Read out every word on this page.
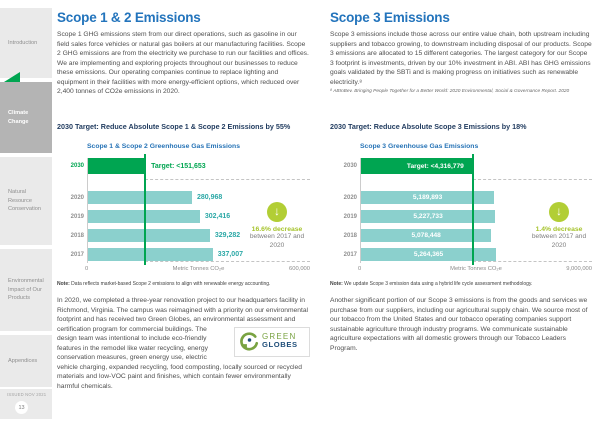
Introduction
Climate Change
Natural Resource Conservation
Environmental Impact of Our Products
Appendices
ISSUED NOV 2021
13
Scope 1 & 2 Emissions
Scope 1 GHG emissions stem from our direct operations, such as gasoline in our field sales force vehicles or natural gas boilers at our manufacturing facilities. Scope 2 GHG emissions are from the electricity we purchase to run our facilities and offices. We are implementing and exploring projects throughout our businesses to reduce these emissions. Our operating companies continue to replace lighting and equipment in their facilities with more energy-efficient options, which reduced over 2,400 tonnes of CO2e emissions in 2020.
2030 Target: Reduce Absolute Scope 1 & Scope 2 Emissions by 55%
Scope 1 & Scope 2 Greenhouse Gas Emissions
2030	Target: <151,653
2020	280,968
2019	302,416
2018	329,282
2017	337,007
↓
16.6% decrease
between 2017 and 2020
0	Metric Tonnes CO₂e	600,000
Note: Data reflects market-based Scope 2 emissions to align with renewable energy accounting.
In 2020, we completed a three-year renovation project to our headquarters facility in Richmond, Virginia. The campus was reimagined with a priority on our environmental footprint and has received two Green Globes, an environmental assessment and certification program for commercial buildings.
GREEN
GLOBES
The design team was intentional to include eco-friendly features in the remodel like water recycling, energy conservation measures, green energy use, electric vehicle charging, expanded recycling, food composting, locally sourced or recycled materials and low-VOC paint and finishes, which contain fewer environmentally harmful chemicals.
Scope 3 Emissions
Scope 3 emissions include those across our entire value chain, both upstream including suppliers and tobacco growing, to downstream including disposal of our products. Scope 3 emissions are allocated to 15 different categories. The largest category for our Scope 3 footprint is investments, driven by our 10% investment in ABI. ABI has GHG emissions goals validated by the SBTi and is making progress on initiatives such as renewable electricity.⁸
⁸ ABInBev. Bringing People Together for a Better World: 2020 Environmental, Social & Governance Report. 2020
2030 Target: Reduce Absolute Scope 3 Emissions by 18%
Scope 3 Greenhouse Gas Emissions
2030	Target: <4,316,779
2020	5,189,893
2019	5,227,733
2018	5,078,448
2017	5,264,365
↓
1.4% decrease
between 2017 and 2020
0	Metric Tonnes CO₂e	9,000,000
Note: We update Scope 3 emission data using a hybrid life cycle assessment methodology.
Another significant portion of our Scope 3 emissions is from the goods and services we purchase from our suppliers, including our agricultural supply chain. We source most of our tobacco from the United States and our tobacco operating companies support sustainable agriculture through industry programs. We communicate sustainable agriculture expectations with all domestic growers through our Tobacco Leaders Program.
